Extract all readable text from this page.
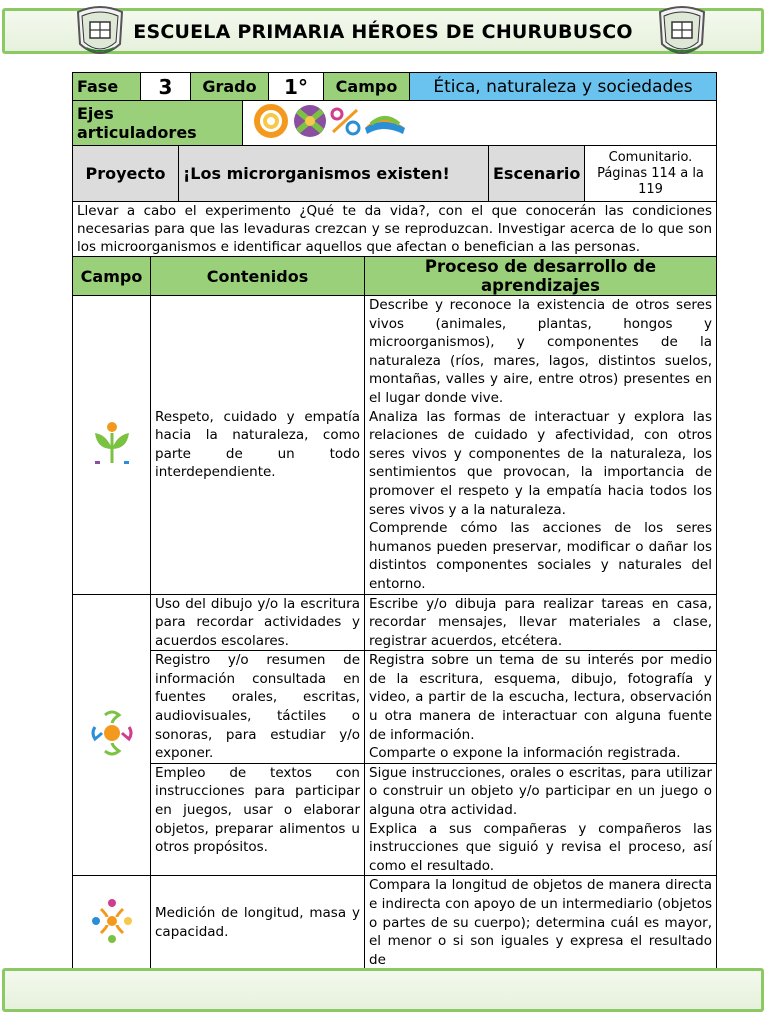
ESCUELA PRIMARIA HÉROES DE CHURUBUSCO
Fase	3	Grado	1°	Campo	Ética, naturaleza y sociedades
Ejes articuladores	
Proyecto	¡Los microrganismos existen!	Escenario	Comunitario. Páginas 114 a la 119
Llevar a cabo el experimento ¿Qué te da vida?, con el que conocerán las condiciones necesarias para que las levaduras crezcan y se reproduzcan. Investigar acerca de lo que son los microorganismos e identificar aquellos que afectan o benefician a las personas.
Campo	Contenidos	Proceso de desarrollo de aprendizajes
	Respeto, cuidado y empatía hacia la naturaleza, como parte de un todo interdependiente.	Describe y reconoce la existencia de otros seres vivos (animales, plantas, hongos y microorganismos), y componentes de la naturaleza (ríos, mares, lagos, distintos suelos, montañas, valles y aire, entre otros) presentes en el lugar donde vive.
Analiza las formas de interactuar y explora las relaciones de cuidado y afectividad, con otros seres vivos y componentes de la naturaleza, los sentimientos que provocan, la importancia de promover el respeto y la empatía hacia todos los seres vivos y a la naturaleza.
Comprende cómo las acciones de los seres humanos pueden preservar, modificar o dañar los distintos componentes sociales y naturales del entorno.
	Uso del dibujo y/o la escritura para recordar actividades y acuerdos escolares.	Escribe y/o dibuja para realizar tareas en casa, recordar mensajes, llevar materiales a clase, registrar acuerdos, etcétera.
	Registro y/o resumen de información consultada en fuentes orales, escritas, audiovisuales, táctiles o sonoras, para estudiar y/o exponer.	Registra sobre un tema de su interés por medio de la escritura, esquema, dibujo, fotografía y video, a partir de la escucha, lectura, observación u otra manera de interactuar con alguna fuente de información.
Comparte o expone la información registrada.
	Empleo de textos con instrucciones para participar en juegos, usar o elaborar objetos, preparar alimentos u otros propósitos.	Sigue instrucciones, orales o escritas, para utilizar o construir un objeto y/o participar en un juego o alguna otra actividad.
Explica a sus compañeras y compañeros las instrucciones que siguió y revisa el proceso, así como el resultado.
	Medición de longitud, masa y capacidad.	Compara la longitud de objetos de manera directa e indirecta con apoyo de un intermediario (objetos o partes de su cuerpo); determina cuál es mayor, el menor o si son iguales y expresa el resultado de
